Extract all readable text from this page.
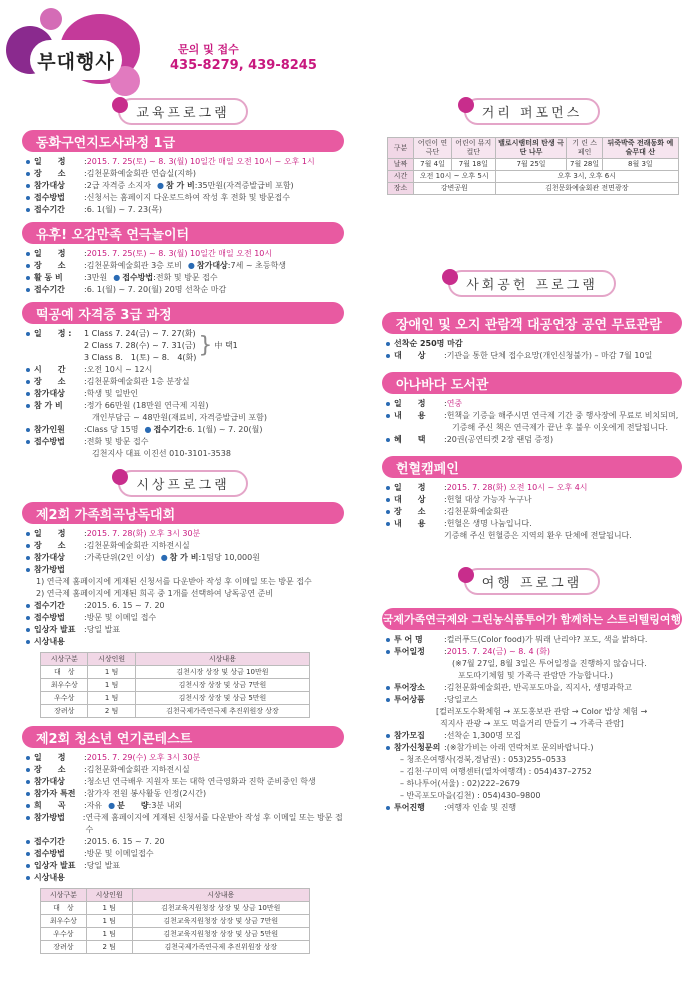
부대행사
문의 및 접수
435-8279, 439-8245
교육프로그램
동화구연지도사과정 1급
일　　정	: 2015. 7. 25(토) ~ 8. 3(월) 10일간 매일 오전 10시 ~ 오후 1시
장　　소	: 김천문화예술회관 연습실(지하)
참가대상	: 2급 자격증 소지자 ● 참 가 비 : 35만원(자격증발급비 포함)
접수방법	: 신청서는 홈페이지 다운로드하여 작성 후 전화 및 방문접수
접수기간	: 6. 1(월) ~ 7. 23(목)
유후! 오감만족 연극놀이터
일　　정	: 2015. 7. 25(토) ~ 8. 3(월) 10일간 매일 오전 10시
장　　소	: 김천문화예술회관 3층 로비 ● 참가대상 : 7세 ~ 초등학생
활 동 비	: 3만원 ● 접수방법 : 전화 및 방문 접수
접수기간	: 6. 1(월) ~ 7. 20(월) 20명 선착순 마감
떡공예 자격증 3급 과정
일　　정 :	1 Class 7. 24(금) ~ 7. 27(화)
2 Class 7. 28(수) ~ 7. 31(금)
3 Class 8.　1(토) ~ 8.　4(화) } 中 택1
시　　간	: 오전 10시 ~ 12시
장　　소	: 김천문화예술회관 1층 분장실
참가대상	: 학생 및 일반인
참 가 비	: 정가 66만원 (18만원 연극제 지원)
개인부담금 ~ 48만원(재료비, 자격증발급비 포함)
참가인원	: Class 당 15명 ● 접수기간 : 6. 1(월) ~ 7. 20(월)
접수방법	: 전화 및 방문 접수
김천지사 대표 이진선 010-3101-3538
시상프로그램
제2회 가족희곡낭독대회
일　　정	: 2015. 7. 28(화) 오후 3시 30분
장　　소	: 김천문화예술회관 지하전시실
참가대상	: 가족단위(2인 이상) ● 참 가 비 : 1팀당 10,000원
참가방법
1) 연극제 홈페이지에 게재된 신청서를 다운받아 작성 후 이메일 또는 방문 접수
2) 연극제 홈페이지에 게재된 희곡 중 1개를 선택하여 낭독공연 준비
접수기간	: 2015. 6. 15 ~ 7. 20
접수방법	: 방문 및 이메일 접수
입상자 발표	: 당일 발표
시상내용
시상구분	시상인원	시상내용
대　상	1 팀	김천시장 상장 및 상금 10만원
최우수상	1 팀	김천시장 상장 및 상금 7만원
우수상	1 팀	김천시장 상장 및 상금 5만원
장려상	2 팀	김천국제가족연극제 추진위원장 상장
제2회 청소년 연기콘테스트
일　　정	: 2015. 7. 29(수) 오후 3시 30분
장　　소	: 김천문화예술회관 지하전시실
참가대상	: 청소년 연극배우 지원자 또는 대학 연극영화과 진학 준비중인 학생
참가자 특전	: 참가자 전원 봉사활동 인정(2시간)
희　　곡	: 자유 ● 분　　량 : 3분 내외
참가방법	: 연극제 홈페이지에 게재된 신청서를 다운받아 작성 후 이메일 또는 방문 접수
접수기간	: 2015. 6. 15 ~ 7. 20
접수방법	: 방문 및 이메일접수
입상자 발표	: 당일 발표
시상내용
시상구분	시상인원	시상내용
대　상	1 팀	김천교육지원청장 상장 및 상금 10만원
최우수상	1 팀	김천교육지원청장 상장 및 상금 7만원
우수상	1 팀	김천교육지원청장 상장 및 상금 5만원
장려상	2 팀	김천국제가족연극제 추진위원장 상장
거리 퍼포먼스
구분	어린이 연극단	어린이 뮤지컬단	밸로시램터의 탄생 극단 나무	기 린 스페인	뒤죽박죽 전래동화 예술무대 산
날짜	7월 4일	7월 18일	7월 25일	7월 28일	8월 3일
시간	오전 10시 ~ 오후 5시		오후 3시, 오후 6시		
장소	강변공원		김천문화예술회관 전면광장		
사회공헌 프로그램
장애인 및 오지 관람객 대공연장 공연 무료관람
선착순 250명 마감
대　　상	: 기관을 통한 단체 접수요망(개인신청불가) – 마감 7월 10일
아나바다 도서관
일　　정	: 연중
내　　용	: 헌책을 기증을 해주시면 연극제 기간 중 행사장에 무료로 비치되며,
기증해 주신 책은 연극제가 끝난 후 불우 이웃에게 전달됩니다.
혜　　택	: 20권(공연티켓 2장 랜덤 증정)
헌혈캠페인
일　　정	: 2015. 7. 28(화) 오전 10시 ~ 오후 4시
대　　상	: 헌혈 대상 가능자 누구나
장　　소	: 김천문화예술회관
내　　용	: 헌혈은 생명 나눔입니다.
기증해 주신 헌혈증은 지역의 환우 단체에 전달됩니다.
여행 프로그램
국제가족연극제와 그린농식품투어가 함께하는 스트리텔링여행
투 어 명	: 컬러푸드(Color food)가 뭐래 난리야? 포도, 색을 밝하다.
투어일정	: 2015. 7. 24(금) ~ 8. 4 (화)
(※7월 27일, 8월 3일은 투어일정을 진행하지 않습니다.
포도따기체험 및 가족극 관람만 가능합니다.)
투어장소	: 김천문화예술회관, 반곡포도마을, 직지사, 생명과학고
투어상품	: 당일코스
[컬러포도수확체험 → 포도홍보관 관람 → Color 밥상 체험 →
직지사 관광 → 포도 먹을거리 만들기 → 가족극 관람]
참가모집	: 선착순 1,300명 모집
참가신청문의 : (※참가비는 아래 연락처로 문의바랍니다.)
– 청조은여행사(경북,경남권) : 053)255–0533
– 김천·구미역 여행센터(열차여행객) : 054)437–2752
– 하나투어(서울) : 02)222–2679
– 반곡포도마을(김천) : 054)430–9800
투어진행	: 여행자 인솔 및 진행
